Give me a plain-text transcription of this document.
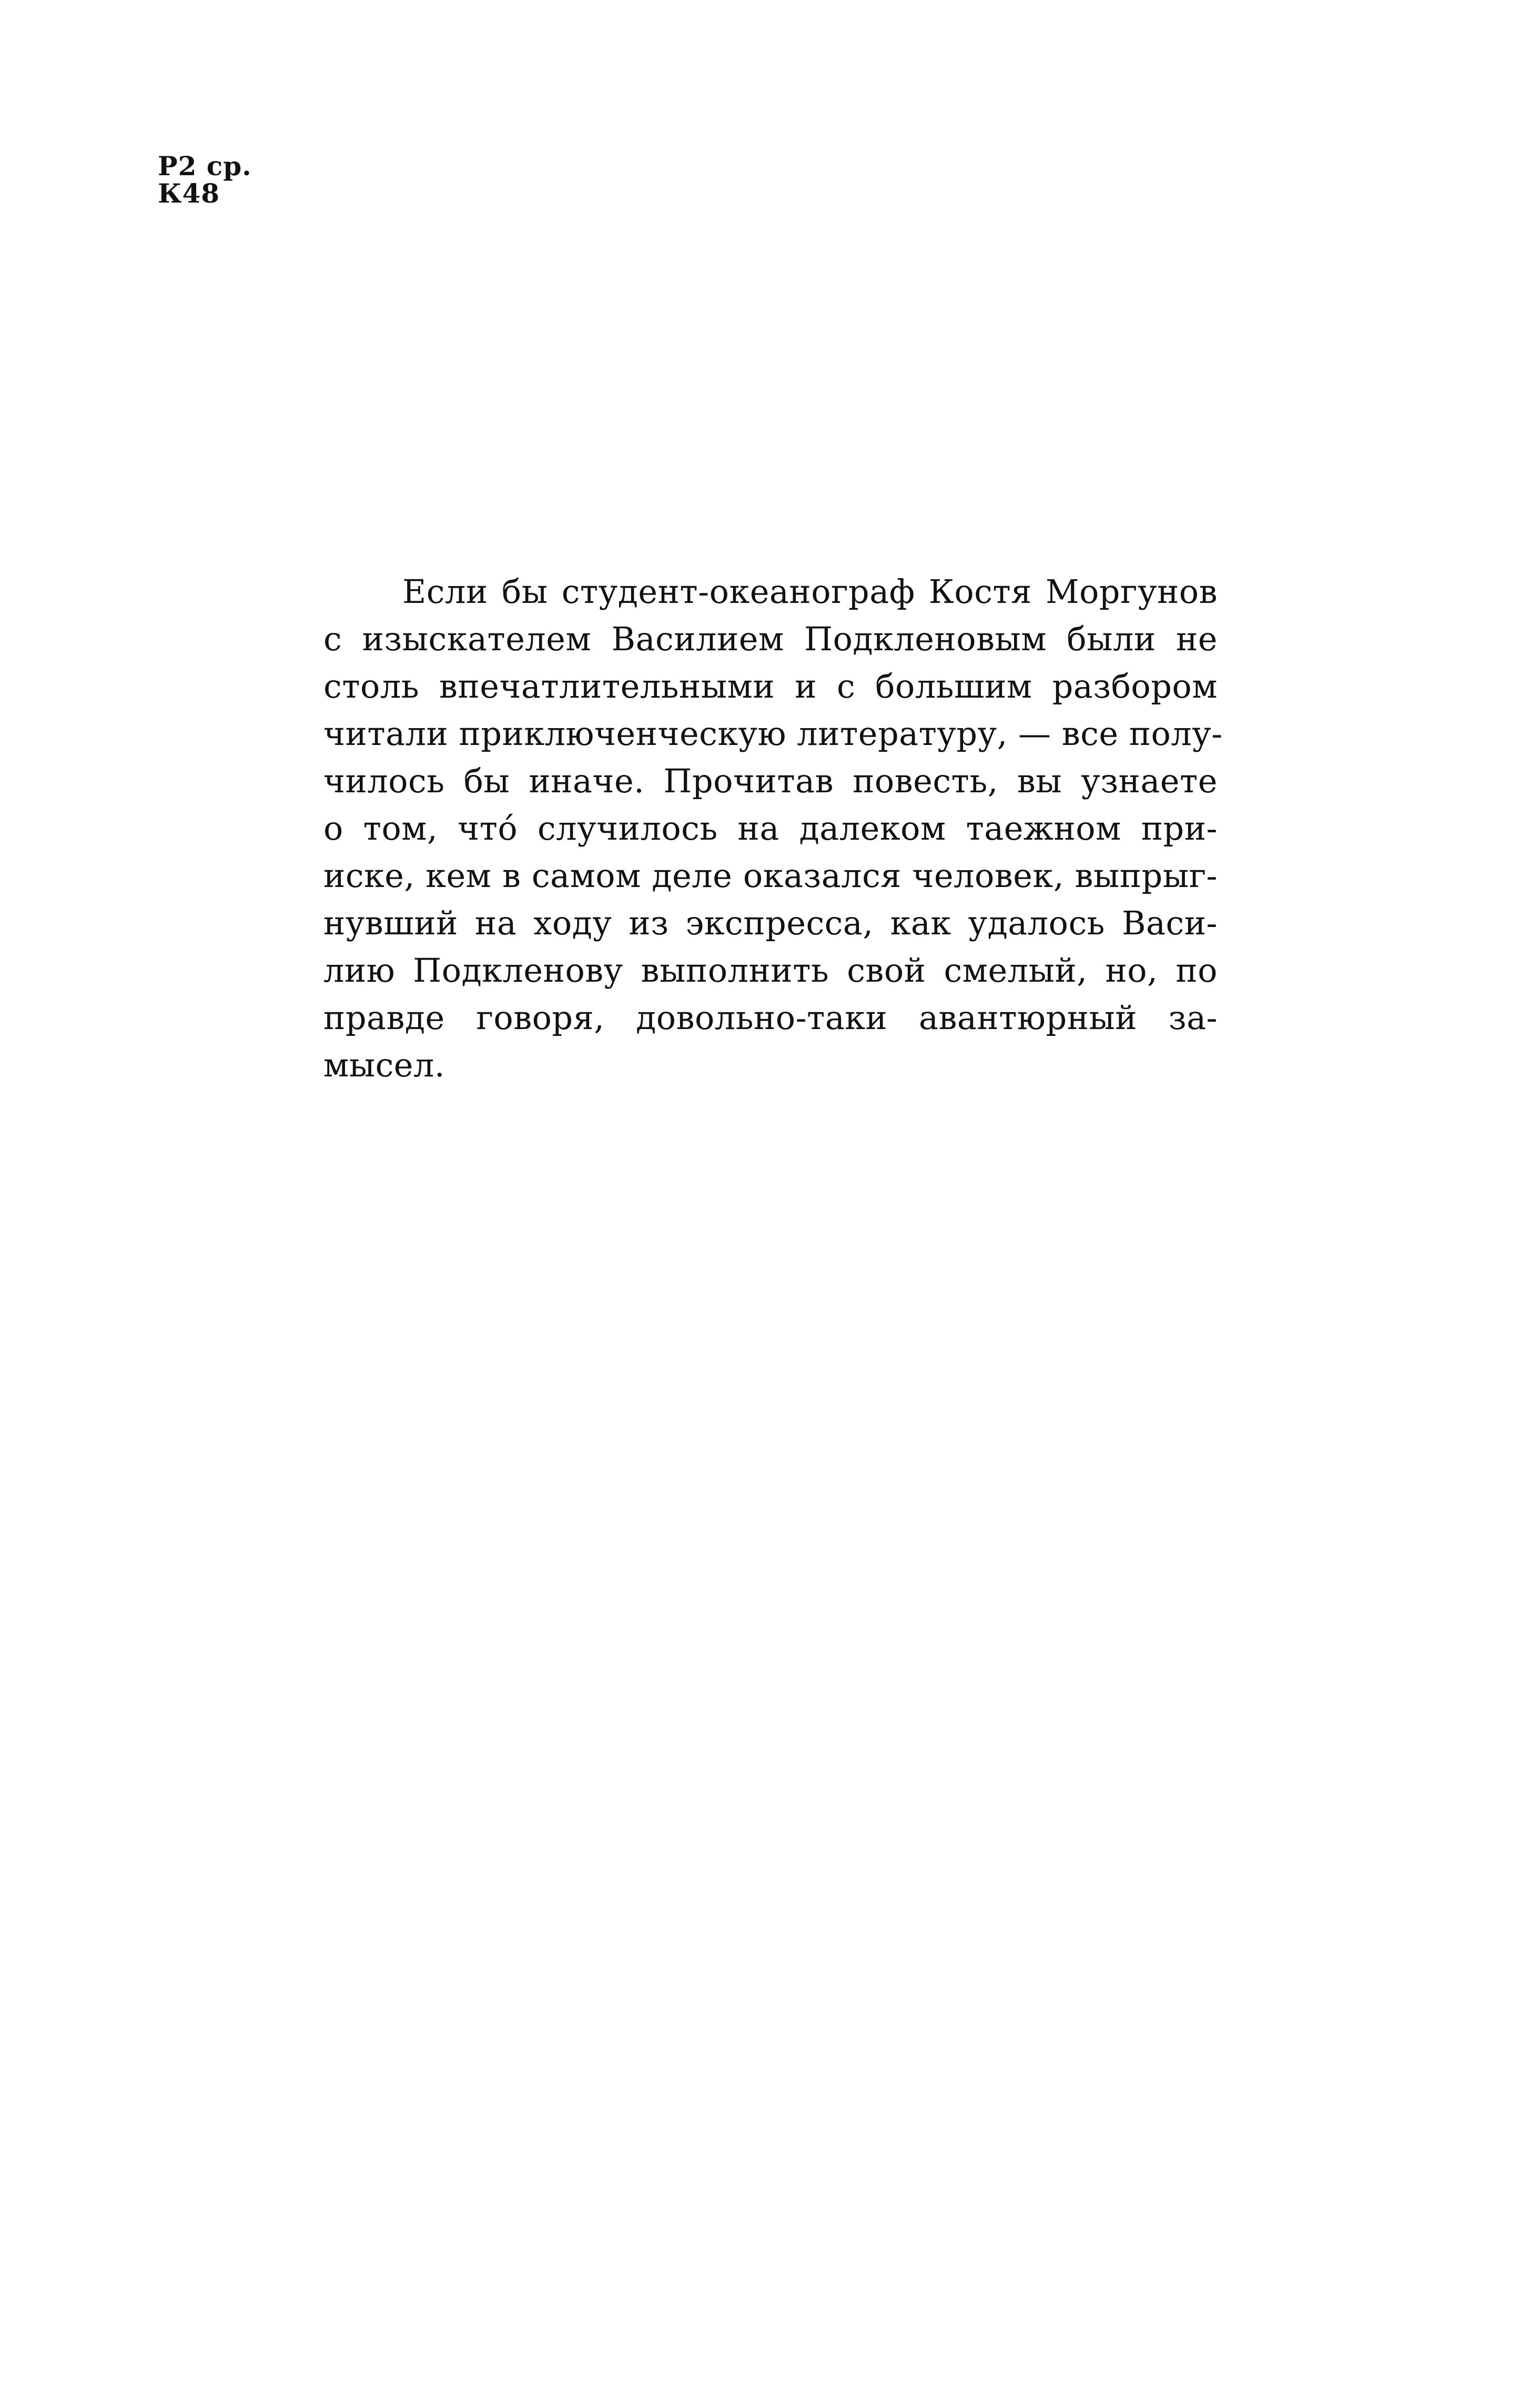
Р2 ср.
К48
Если бы студент-океанограф Костя Моргунов
с изыскателем Василием Подкленовым были не
столь впечатлительными и с большим разбором
читали приключенческую литературу, — все полу-
чилось бы иначе. Прочитав повесть, вы узнаете
о том, что́ случилось на далеком таежном при-
иске, кем в самом деле оказался человек, выпрыг-
нувший на ходу из экспресса, как удалось Васи-
лию Подкленову выполнить свой смелый, но, по
правде говоря, довольно-таки авантюрный за-
мысел.
